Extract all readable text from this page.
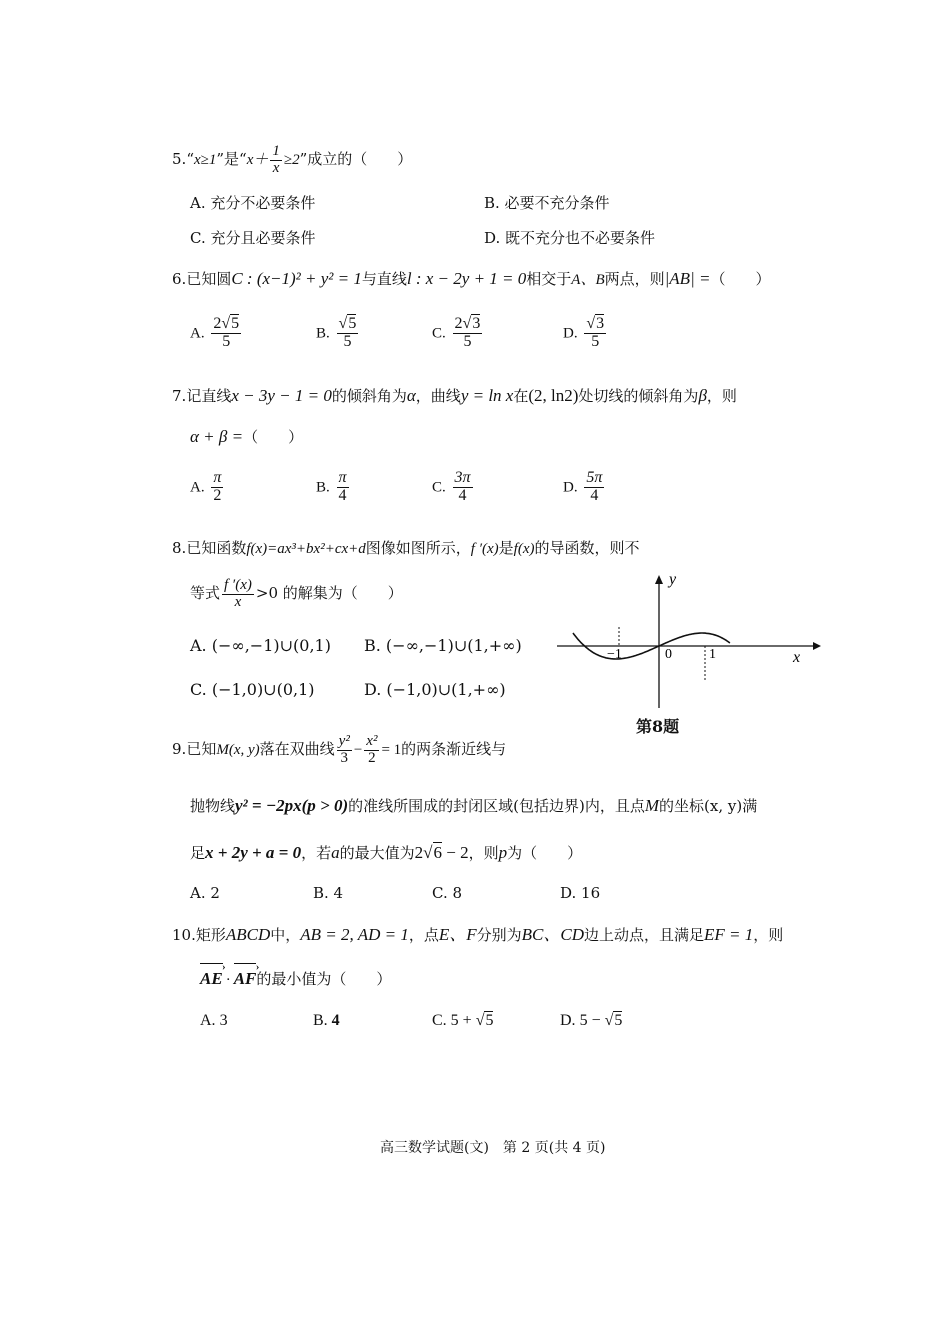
5.“x≥1”是“$x+ \frac{1}{x} \ge 2$”成立的（　　）
A. 充分不必要条件	B. 必要不充分条件
C. 充分且必要条件	D. 既不充分也不必要条件
6.已知圆C : (x−1)² + y² = 1与直线l : x − 2y + 1 = 0相交于A、B两点，则|AB| =（　　）
A. $\frac{2√5}{5}$	B. $\frac{√5}{5}$	C. $\frac{2√3}{5}$	D. $\frac{√3}{5}$
7.记直线x − 3y − 1 = 0的倾斜角为α，曲线y = ln x在(2, ln2)处切线的倾斜角为β，则
α + β =（　　）
A. $\frac{\pi}{2}$	B. $\frac{\pi}{4}$	C. $\frac{3\pi}{4}$	D. $\frac{5\pi}{4}$
8.已知函数f(x)=ax³+bx²+cx+d图像如图所示，f ′(x)是f(x)的导函数，则不
等式 $\frac{f '(x)}{x} >0$ 的解集为（　　）
A. (−∞,−1)∪(0,1) B. (−∞,−1)∪(1,+∞)
C. (−1,0)∪(0,1)	D. (−1,0)∪(1,+∞)
y
x
0
−1	1
第8题
9.已知M(x, y)落在双曲线 $\frac{\text{y²}}{3} - \frac{\text{x²}}{2} = 1$的两条渐近线与
抛物线y² = −2px(p > 0)的准线所围成的封闭区域(包括边界)内，且点M的坐标(x, y)满
足x + 2y + a = 0，若a的最大值为2√6 − 2，则p为（　　）
A. 2	B. 4	C. 8	D. 16
10.矩形ABCD中，AB = 2, AD = 1，点E、F分别为BC、CD边上动点，且满足EF = 1，则
AE › · AF ›的最小值为（　　）
A. 3	B. 4	C. 5 + √5	D. 5 − √5
高三数学试题(文)　第 2 页(共 4 页)
